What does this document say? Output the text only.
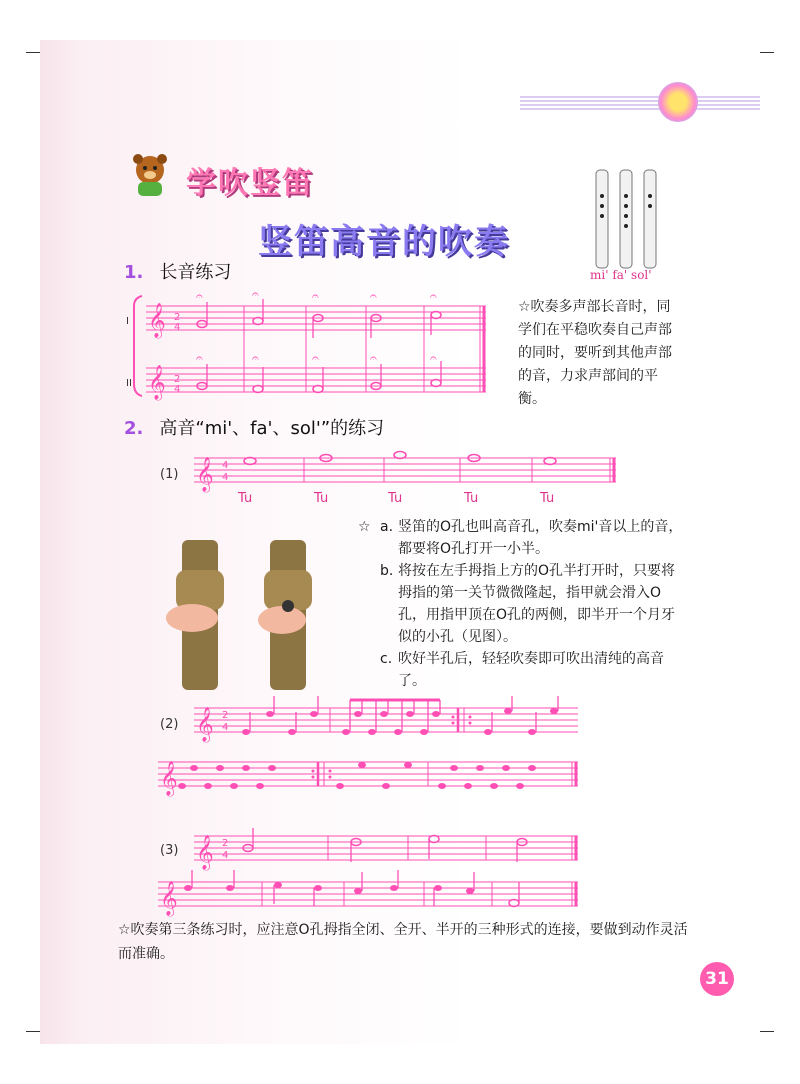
学吹竖笛
竖笛高音的吹奏
mi' fa' sol'
1. 长音练习
I
II
𝄞
𝄞
2
4
2
4
𝄐	𝄐	𝄐	𝄐	𝄐
𝄐	𝄐	𝄐	𝄐	𝄐
☆吹奏多声部长音时，同学们在平稳吹奏自己声部的同时，要听到其他声部的音，力求声部间的平衡。
2. 高音“mi'、fa'、sol'”的练习
(1) 𝄞 4
4
Tu	Tu	Tu	Tu	Tu
☆ a. 竖笛的O孔也叫高音孔，吹奏mi'音以上的音，都要将O孔打开一小半。
b. 将按在左手拇指上方的O孔半打开时，只要将拇指的第一关节微微隆起，指甲就会滑入O孔，用指甲顶在O孔的两侧，即半开一个月牙似的小孔（见图）。
c. 吹好半孔后，轻轻吹奏即可吹出清纯的高音了。
(2) 𝄞
𝄞
2
4
(3) 𝄞
𝄞
2
4
☆吹奏第三条练习时，应注意O孔拇指全闭、全开、半开的三种形式的连接，要做到动作灵活而准确。
31
